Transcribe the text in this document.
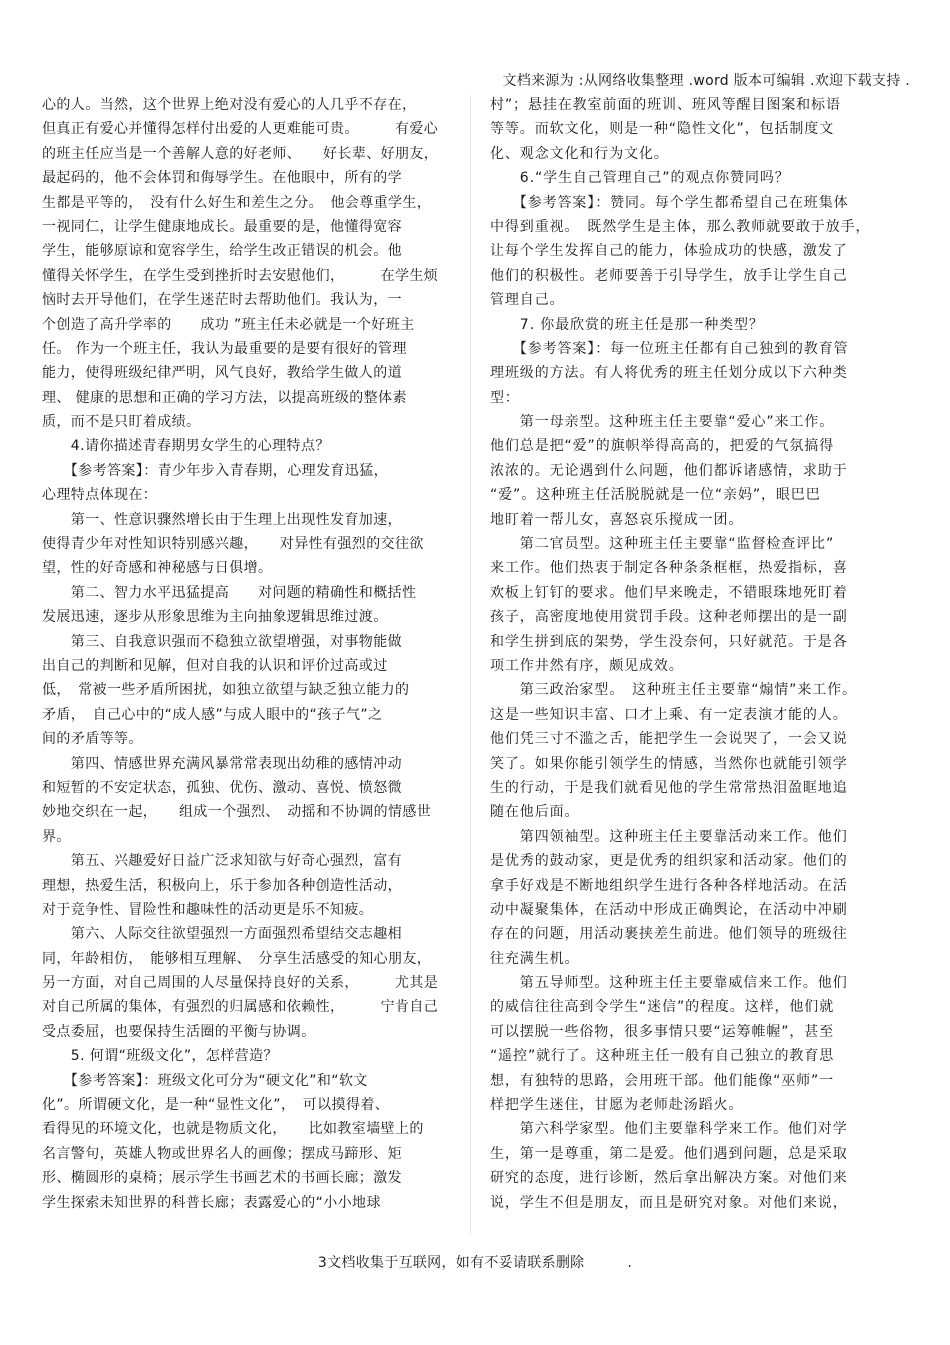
文档来源为 :从网络收集整理 .word 版本可编辑 .欢迎下载支持 .
心的人。当然，这个世界上绝对没有爱心的人几乎不存在，
但真正有爱心并懂得怎样付出爱的人更难能可贵。　　　有爱心
的班主任应当是一个善解人意的好老师、　　好长辈、好朋友，
最起码的，他不会体罚和侮辱学生。在他眼中，所有的学
生都是平等的，　没有什么好生和差生之分。　他会尊重学生，
一视同仁，让学生健康地成长。最重要的是，他懂得宽容
学生，能够原谅和宽容学生，给学生改正错误的机会。他
懂得关怀学生，在学生受到挫折时去安慰他们，　　　在学生烦
恼时去开导他们，在学生迷茫时去帮助他们。我认为，一
个创造了高升学率的　　成功 ”班主任未必就是一个好班主
任。 作为一个班主任，我认为最重要的是要有很好的管理
能力，使得班级纪律严明，风气良好，教给学生做人的道
理、 健康的思想和正确的学习方法，以提高班级的整体素
质，而不是只盯着成绩。
　　4.请你描述青春期男女学生的心理特点？
　　【参考答案】：青少年步入青春期，心理发育迅猛，
心理特点体现在：
　　第一、性意识骤然增长由于生理上出现性发育加速，
使得青少年对性知识特别感兴趣，　　对异性有强烈的交往欲
望，性的好奇感和神秘感与日俱增。
　　第二、智力水平迅猛提高　　对问题的精确性和概括性
发展迅速，逐步从形象思维为主向抽象逻辑思维过渡。
　　第三、自我意识强而不稳独立欲望增强，对事物能做
出自己的判断和见解，但对自我的认识和评价过高或过
低，　常被一些矛盾所困扰，如独立欲望与缺乏独立能力的
矛盾，　自己心中的“成人感”与成人眼中的“孩子气”之
间的矛盾等等。
　　第四、情感世界充满风暴常常表现出幼稚的感情冲动
和短暂的不安定状态，孤独、优伤、激动、喜悦、愤怒微
妙地交织在一起，　　组成一个强烈、　动摇和不协调的情感世
界。
　　第五、兴趣爱好日益广泛求知欲与好奇心强烈，富有
理想，热爱生活，积极向上，乐于参加各种创造性活动，
对于竞争性、冒险性和趣味性的活动更是乐不知疲。
　　第六、人际交往欲望强烈一方面强烈希望结交志趣相
同，年龄相仿，　能够相互理解、　分享生活感受的知心朋友，
另一方面，对自己周围的人尽量保持良好的关系，　　　尤其是
对自己所属的集体，有强烈的归属感和依赖性，　　　宁肯自己
受点委屈，也要保持生活圈的平衡与协调。
　　5. 何谓“班级文化”，怎样营造？
　　【参考答案】：班级文化可分为“硬文化”和“软文
化”。所谓硬文化，是一种“显性文化”，　可以摸得着、
看得见的环境文化，也就是物质文化，　　比如教室墙壁上的
名言警句，英雄人物或世界名人的画像；摆成马蹄形、矩
形、椭圆形的桌椅；展示学生书画艺术的书画长廊；激发
学生探索未知世界的科普长廊；表露爱心的“小小地球
村”；悬挂在教室前面的班训、班风等醒目图案和标语
等等。而软文化，则是一种“隐性文化”，包括制度文
化、观念文化和行为文化。
　　6.“学生自己管理自己”的观点你赞同吗？
　　【参考答案】：赞同。每个学生都希望自己在班集体
中得到重视。　既然学生是主体，那么教师就要敢于放手，
让每个学生发挥自己的能力，体验成功的快感，激发了
他们的积极性。老师要善于引导学生，放手让学生自己
管理自己。
　　7. 你最欣赏的班主任是那一种类型？
　　【参考答案】：每一位班主任都有自己独到的教育管
理班级的方法。有人将优秀的班主任划分成以下六种类
型：
　　第一母亲型。这种班主任主要靠“爱心”来工作。
他们总是把“爱”的旗帜举得高高的，把爱的气氛搞得
浓浓的。无论遇到什么问题，他们都诉诸感情，求助于
“爱”。这种班主任活脱脱就是一位“亲妈”，眼巴巴
地盯着一帮儿女，喜怒哀乐搅成一团。
　　第二官员型。这种班主任主要靠“监督检查评比”
来工作。他们热衷于制定各种条条框框，热爱指标，喜
欢板上钉钉的要求。他们早来晚走，不错眼珠地死盯着
孩子，高密度地使用赏罚手段。这种老师摆出的是一副
和学生拼到底的架势，学生没奈何，只好就范。于是各
项工作井然有序，颇见成效。
　　第三政治家型。　这种班主任主要靠“煽情”来工作。
这是一些知识丰富、口才上乘、有一定表演才能的人。
他们凭三寸不滥之舌，能把学生一会说哭了，一会又说
笑了。如果你能引领学生的情感，当然你也就能引领学
生的行动，于是我们就看见他的学生常常热泪盈眶地追
随在他后面。
　　第四领袖型。这种班主任主要靠活动来工作。他们
是优秀的鼓动家，更是优秀的组织家和活动家。他们的
拿手好戏是不断地组织学生进行各种各样地活动。在活
动中凝聚集体，在活动中形成正确舆论，在活动中冲刷
存在的问题，用活动裹挟差生前进。他们领导的班级往
往充满生机。
　　第五导师型。这种班主任主要靠威信来工作。他们
的威信往往高到令学生“迷信”的程度。这样，他们就
可以摆脱一些俗物，很多事情只要“运筹帷幄”，甚至
“遥控”就行了。这种班主任一般有自己独立的教育思
想，有独特的思路，会用班干部。他们能像“巫师”一
样把学生迷住，甘愿为老师赴汤蹈火。
　　第六科学家型。他们主要靠科学来工作。他们对学
生，第一是尊重，第二是爱。他们遇到问题，总是采取
研究的态度，进行诊断，然后拿出解决方案。对他们来
说，学生不但是朋友，而且是研究对象。对他们来说，
3文档收集于互联网，如有不妥请联系删除　　　.
